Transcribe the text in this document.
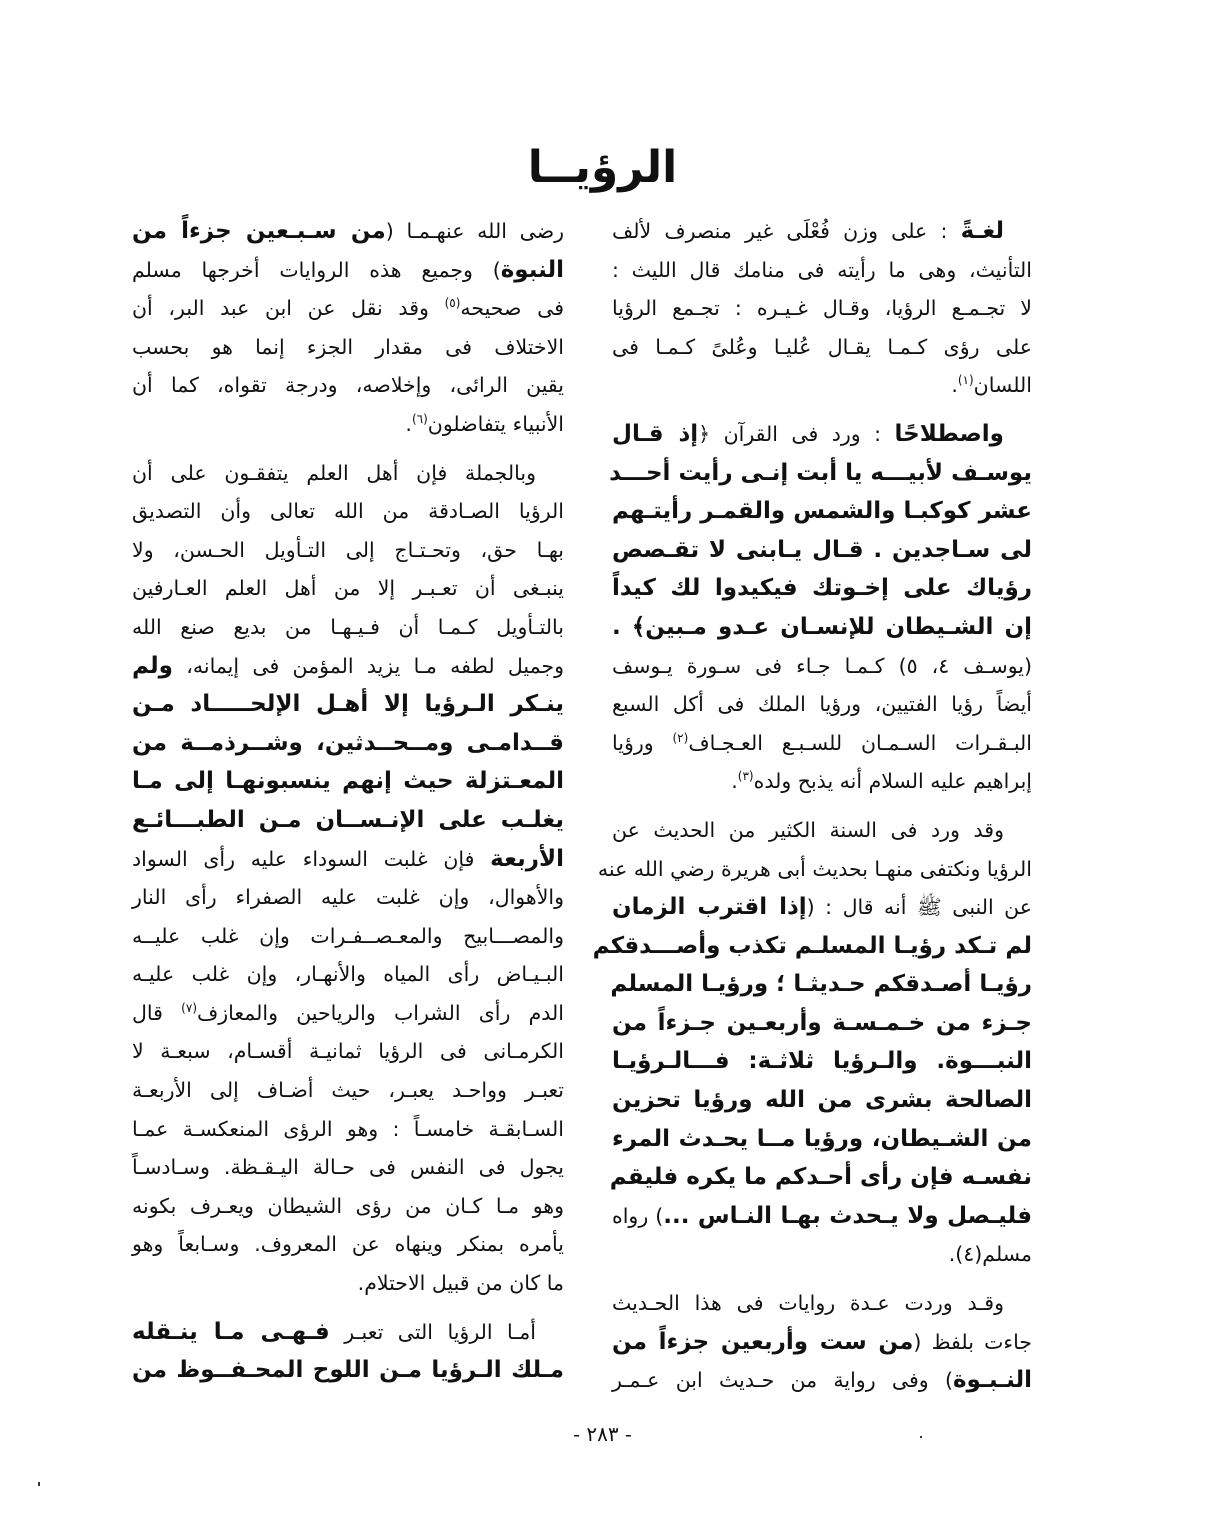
الرؤيــا
لغـةً : على وزن فُعْلَى غير منصرف لألف
التأنيث، وهى ما رأيته فى منامك قال الليث :
لا تجـمـع الرؤيا، وقـال غـيـره : تجـمع الرؤيا
على رؤى كـمـا يقـال عُليـا وعُلىً كـمـا فى
اللسان$^{(١)}$.
واصطلاحًا : ورد فى القرآن ﴿إذ قـال
يوسـف لأبيـــه يا أبت إنـى رأيت أحـــد
عشر كوكبـا والشمس والقمـر رأيتـهم
لى سـاجدين . قـال يـابنى لا تقـصص
رؤياك على إخـوتك فيكيدوا لك كيداً
إن الشـيطان للإنسـان عـدو مـبين﴾ .
(يوسـف ٤، ٥) كـمـا جـاء فى سـورة يـوسف
أيضاً رؤيا الفتيين، ورؤيا الملك فى أكل السبع
البـقـرات السـمـان للسـبـع العـجـاف$^{(٢)}$ ورؤيا
إبراهيم عليه السلام أنه يذبح ولده$^{(٣)}$.
وقد ورد فى السنة الكثير من الحديث عن
الرؤيا ونكتفى منهـا بحديث أبى هريرة رضي الله عنه
عن النبى ﷺ أنه قال : (إذا اقترب الزمان
لم تـكد رؤيـا المسلـم تكذب وأصـــدقكم
رؤيـا أصـدقكم حـديثـا ؛ ورؤيـا المسلم
جـزء من خـمـسـة وأربعـين جـزءاً من
النبـــوة. والـرؤيا ثلاثـة: فـــالـرؤيـا
الصالحة بشرى من الله ورؤيا تحزين
من الشـيطان، ورؤيا مــا يحـدث المرء
نفسـه فإن رأى أحـدكم ما يكره فليقم
فليـصل ولا يـحدث بهـا النـاس ...) رواه
مسلم(٤).
وقـد وردت عـدة روايات فى هذا الحـديث
جاءت بلفظ (من ست وأربعين جزءاً من
النـبـوة) وفى رواية من حـديث ابن عـمـر
رضى الله عنهـمـا (من سـبـعين جزءاً من
النبوة) وجميع هذه الروايات أخرجها مسلم
فى صحيحه$^{(٥)}$ وقد نقل عن ابن عبد البر، أن
الاختلاف فى مقدار الجزء إنما هو بحسب
يقين الرائى، وإخلاصه، ودرجة تقواه، كما أن
الأنبياء يتفاضلون$^{(٦)}$.
وبالجملة فإن أهل العلم يتفقـون على أن
الرؤيا الصـادقة من الله تعالى وأن التصديق
بهـا حق، وتحـتـاج إلى التـأويل الحـسن، ولا
ينبـغى أن تعـبـر إلا من أهل العلم العـارفين
بالتـأويل كـمـا أن فـيـهـا من بديع صنع الله
وجميل لطفه مـا يزيد المؤمن فى إيمانه، ولم
ينـكر الـرؤيا إلا أهـل الإلحـــــاد مـن
قــدامـى ومــحــدثين، وشــرذمــة من
المعـتزلة حيث إنهم ينسبونهـا إلى مـا
يغلـب على الإنـســان مـن الطبـــائـع
الأربعة فإن غلبت السوداء عليه رأى السواد
والأهوال، وإن غلبت عليه الصفراء رأى النار
والمصـــابيح والمعـصــفـرات وإن غلب عليــه
البـيـاض رأى المياه والأنهـار، وإن غلب عليـه
الدم رأى الشراب والرياحين والمعازف$^{(٧)}$ قال
الكرمـانى فى الرؤيا ثمانيـة أقسـام، سبعـة لا
تعبـر وواحـد يعبـر، حيث أضـاف إلى الأربعـة
السـابقـة خامسـاً : وهو الرؤى المنعكسـة عمـا
يجول فى النفس فى حـالة اليـقـظة. وسـادسـاً
وهو مـا كـان من رؤى الشيطان ويعـرف بكونه
يأمره بمنكر وينهاه عن المعروف. وسـابعاً وهو
ما كان من قبيل الاحتلام.
أمـا الرؤيا التى تعبـر فـهـى مـا ينـقله
مـلك الـرؤيا مـن اللوح المحـفــوظ من
- ٢٨٣ -
